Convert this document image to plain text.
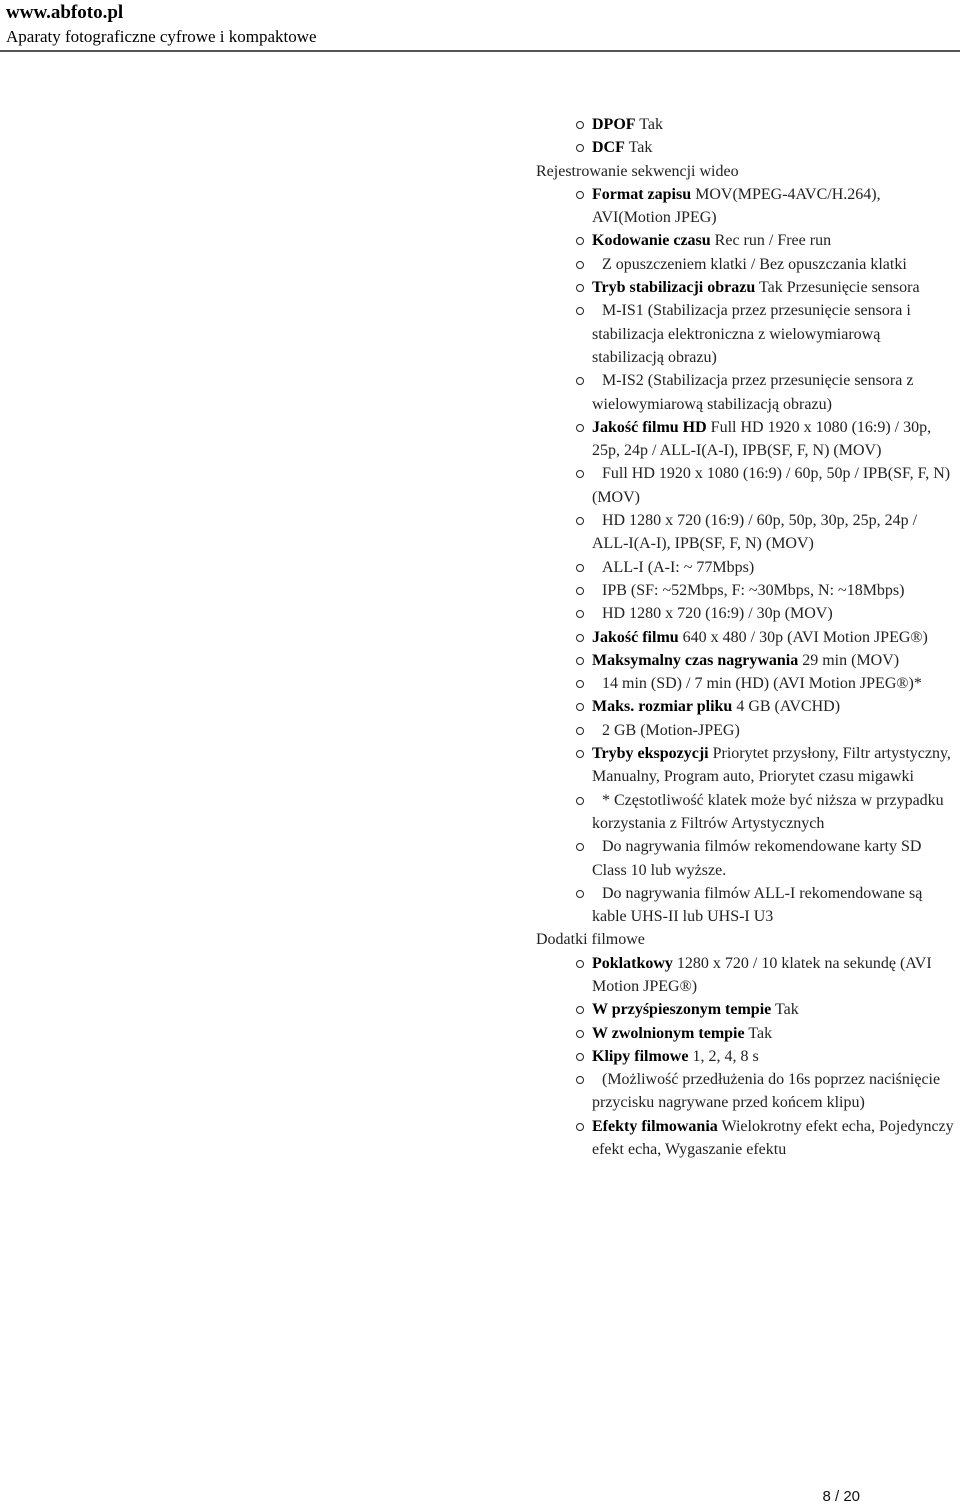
www.abfoto.pl
Aparaty fotograficzne cyfrowe i kompaktowe
DPOF Tak
DCF Tak
Rejestrowanie sekwencji wideo
Format zapisu MOV(MPEG-4AVC/H.264), AVI(Motion JPEG)
Kodowanie czasu Rec run / Free run
Z opuszczeniem klatki / Bez opuszczania klatki
Tryb stabilizacji obrazu Tak Przesunięcie sensora
M-IS1 (Stabilizacja przez przesunięcie sensora i stabilizacja elektroniczna z wielowymiarową stabilizacją obrazu)
M-IS2 (Stabilizacja przez przesunięcie sensora z wielowymiarową stabilizacją obrazu)
Jakość filmu HD Full HD 1920 x 1080 (16:9) / 30p, 25p, 24p / ALL-I(A-I), IPB(SF, F, N) (MOV)
Full HD 1920 x 1080 (16:9) / 60p, 50p / IPB(SF, F, N) (MOV)
HD 1280 x 720 (16:9) / 60p, 50p, 30p, 25p, 24p / ALL-I(A-I), IPB(SF, F, N) (MOV)
ALL-I (A-I: ~ 77Mbps)
IPB (SF: ~52Mbps, F: ~30Mbps, N: ~18Mbps)
HD 1280 x 720 (16:9) / 30p (MOV)
Jakość filmu 640 x 480 / 30p (AVI Motion JPEG®)
Maksymalny czas nagrywania 29 min (MOV)
14 min (SD) / 7 min (HD) (AVI Motion JPEG®)*
Maks. rozmiar pliku 4 GB (AVCHD)
2 GB (Motion-JPEG)
Tryby ekspozycji Priorytet przysłony, Filtr artystyczny, Manualny, Program auto, Priorytet czasu migawki
* Częstotliwość klatek może być niższa w przypadku korzystania z Filtrów Artystycznych
Do nagrywania filmów rekomendowane karty SD Class 10 lub wyższe.
Do nagrywania filmów ALL-I rekomendowane są kable UHS-II lub UHS-I U3
Dodatki filmowe
Poklatkowy 1280 x 720 / 10 klatek na sekundę (AVI Motion JPEG®)
W przyśpieszonym tempie Tak
W zwolnionym tempie Tak
Klipy filmowe 1, 2, 4, 8 s
(Możliwość przedłużenia do 16s poprzez naciśnięcie przycisku nagrywane przed końcem klipu)
Efekty filmowania Wielokrotny efekt echa, Pojedynczy efekt echa, Wygaszanie efektu
8 / 20
